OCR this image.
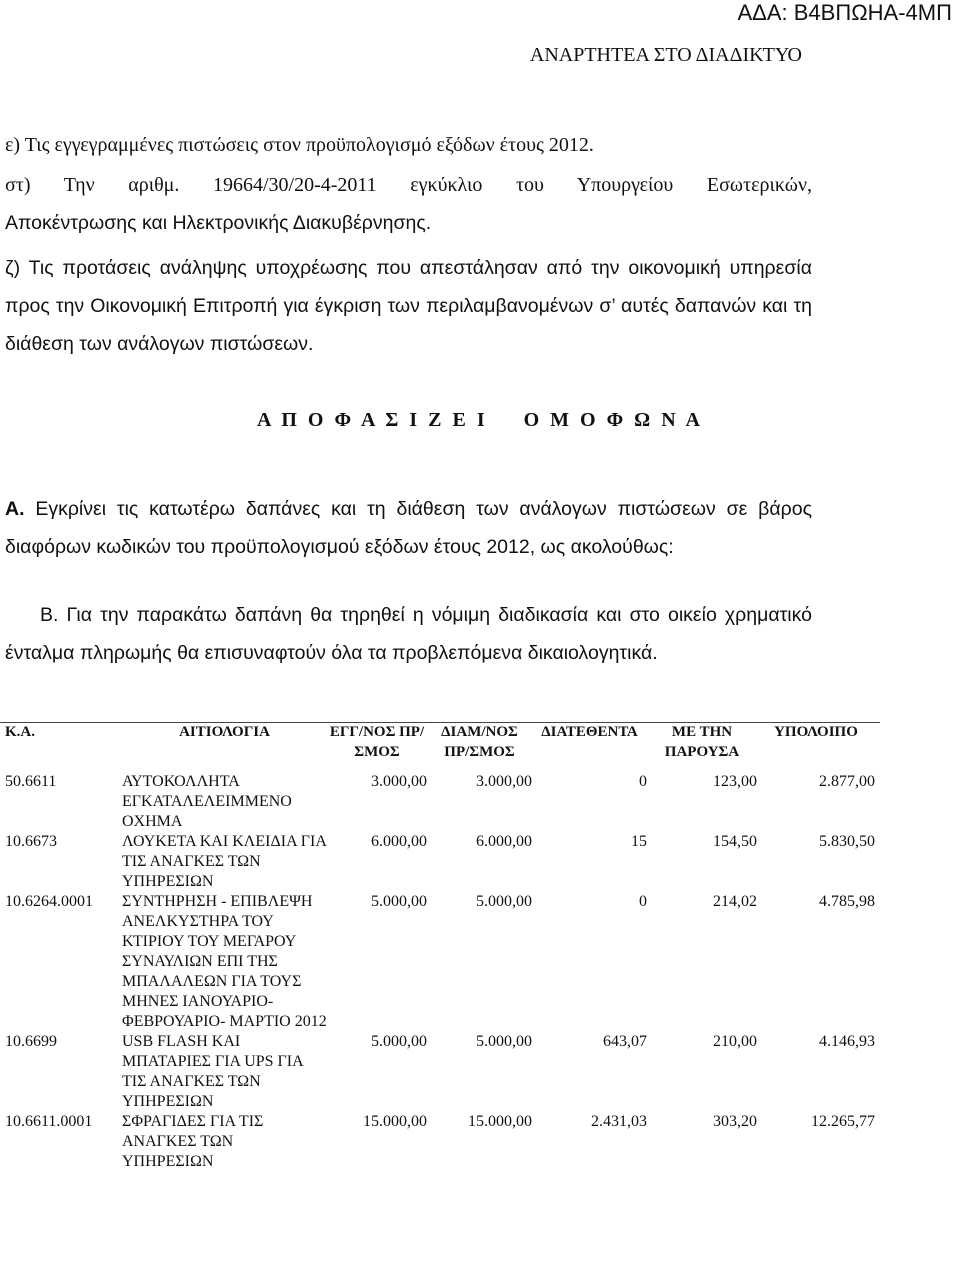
ΑΔΑ: Β4ΒΠΩΗΑ-4ΜΠ
ΑΝΑΡΤΗΤΕΑ ΣΤΟ ΔΙΑΔΙΚΤΥΟ

ε) Τις εγγεγραμμένες πιστώσεις στον προϋπολογισμό εξόδων έτους 2012.

στ) Την αριθμ. 19664/30/20-4-2011 εγκύκλιο του Υπουργείου Εσωτερικών,

Αποκέντρωσης και Ηλεκτρονικής Διακυβέρνησης.

ζ) Τις προτάσεις ανάληψης υποχρέωσης που απεστάλησαν από την οικονομική υπηρεσία προς την Οικονομική Επιτροπή για έγκριση των περιλαμβανομένων σ’ αυτές δαπανών και τη διάθεση των ανάλογων πιστώσεων.

Α Π Ο Φ Α Σ Ι Ζ Ε Ι Ο Μ Ο Φ Ω Ν Α

Α. Εγκρίνει τις κατωτέρω δαπάνες και τη διάθεση των ανάλογων πιστώσεων σε βάρος διαφόρων κωδικών του προϋπολογισμού εξόδων έτους 2012, ως ακολούθως:

Β. Για την παρακάτω δαπάνη θα τηρηθεί η νόμιμη διαδικασία και στο οικείο χρηματικό ένταλμα πληρωμής θα επισυναφτούν όλα τα προβλεπόμενα δικαιολογητικά.

Κ.Α.	ΑΙΤΙΟΛΟΓΙΑ	ΕΓΓ/ΝΟΣ ΠΡ/ΣΜΟΣ	ΔΙΑΜ/ΝΟΣ ΠΡ/ΣΜΟΣ	ΔΙΑΤΕΘΕΝΤΑ	ΜΕ ΤΗΝ ΠΑΡΟΥΣΑ	ΥΠΟΛΟΙΠΟ
50.6611	ΑΥΤΟΚΟΛΛΗΤΑ ΕΓΚΑΤΑΛΕΛΕΙΜΜΕΝΟ ΟΧΗΜΑ	3.000,00	3.000,00	0	123,00	2.877,00
10.6673	ΛΟΥΚΕΤΑ ΚΑΙ ΚΛΕΙΔΙΑ ΓΙΑ ΤΙΣ ΑΝΑΓΚΕΣ ΤΩΝ ΥΠΗΡΕΣΙΩΝ	6.000,00	6.000,00	15	154,50	5.830,50
10.6264.0001	ΣΥΝΤΗΡΗΣΗ - ΕΠΙΒΛΕΨΗ ΑΝΕΛΚΥΣΤΗΡΑ ΤΟΥ ΚΤΙΡΙΟΥ ΤΟΥ ΜΕΓΑΡΟΥ ΣΥΝΑΥΛΙΩΝ ΕΠΙ ΤΗΣ ΜΠΑΛΑΛΕΩΝ ΓΙΑ ΤΟΥΣ ΜΗΝΕΣ ΙΑΝΟΥΑΡΙΟ- ΦΕΒΡΟΥΑΡΙΟ- ΜΑΡΤΙΟ 2012	5.000,00	5.000,00	0	214,02	4.785,98
10.6699	USB FLASH ΚΑΙ ΜΠΑΤΑΡΙΕΣ ΓΙΑ UPS ΓΙΑ ΤΙΣ ΑΝΑΓΚΕΣ ΤΩΝ ΥΠΗΡΕΣΙΩΝ	5.000,00	5.000,00	643,07	210,00	4.146,93
10.6611.0001	ΣΦΡΑΓΙΔΕΣ ΓΙΑ ΤΙΣ ΑΝΑΓΚΕΣ ΤΩΝ ΥΠΗΡΕΣΙΩΝ	15.000,00	15.000,00	2.431,03	303,20	12.265,77
